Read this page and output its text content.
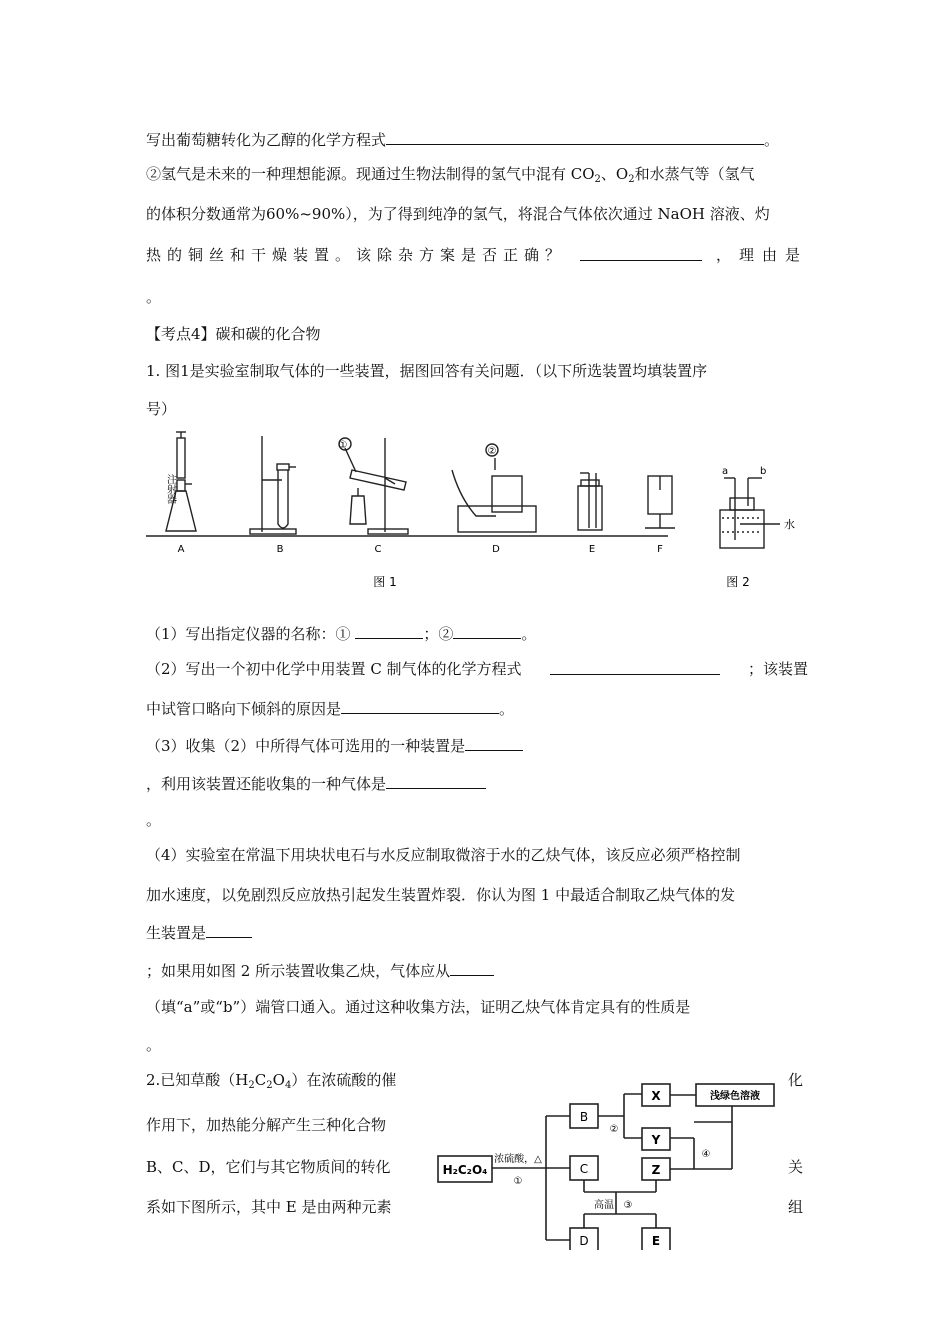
写出葡萄糖转化为乙醇的化学方程式	。
②氢气是未来的一种理想能源。现通过生物法制得的氢气中混有 $CO_2$、$O_2$和水蒸气等（氢气
的体积分数通常为60%~90%），为了得到纯净的氢气，将混合气体依次通过 NaOH 溶液、灼
热的铜丝和干燥装置。该除杂方案是否正确？	，理由是
。
【考点4】碳和碳的化合物
1. 图1是实验室制取气体的一些装置，据图回答有关问题．（以下所选装置均填装置序
号）
注射器
①
②
A	B	C	D	E	F
a	b
水
图 1	图 2
（1）写出指定仪器的名称：①	；②	。
（2）写出一个初中化学中用装置 C 制气体的化学方程式	；该装置
中试管口略向下倾斜的原因是	。
（3）收集（2）中所得气体可选用的一种装置是
，利用该装置还能收集的一种气体是
。
（4）实验室在常温下用块状电石与水反应制取微溶于水的乙炔气体，该反应必须严格控制
加水速度，以免剧烈反应放热引起发生装置炸裂．你认为图 1 中最适合制取乙炔气体的发
生装置是
；如果用如图 2 所示装置收集乙炔，气体应从
（填“a”或“b”）端管口通入。通过这种收集方法，证明乙炔气体肯定具有的性质是
。
2.已知草酸$(H_2C_2O_4)$在浓硫酸的催	化
作用下，加热能分解产生三种化合物
B、C、D，它们与其它物质间的转化	关
系如下图所示，其中 E 是由两种元素	组
H₂C₂O₄
浓硫酸，△
①
B
C
D
X
Y
Z
E
浅绿色溶液
②
④
高温 ③
